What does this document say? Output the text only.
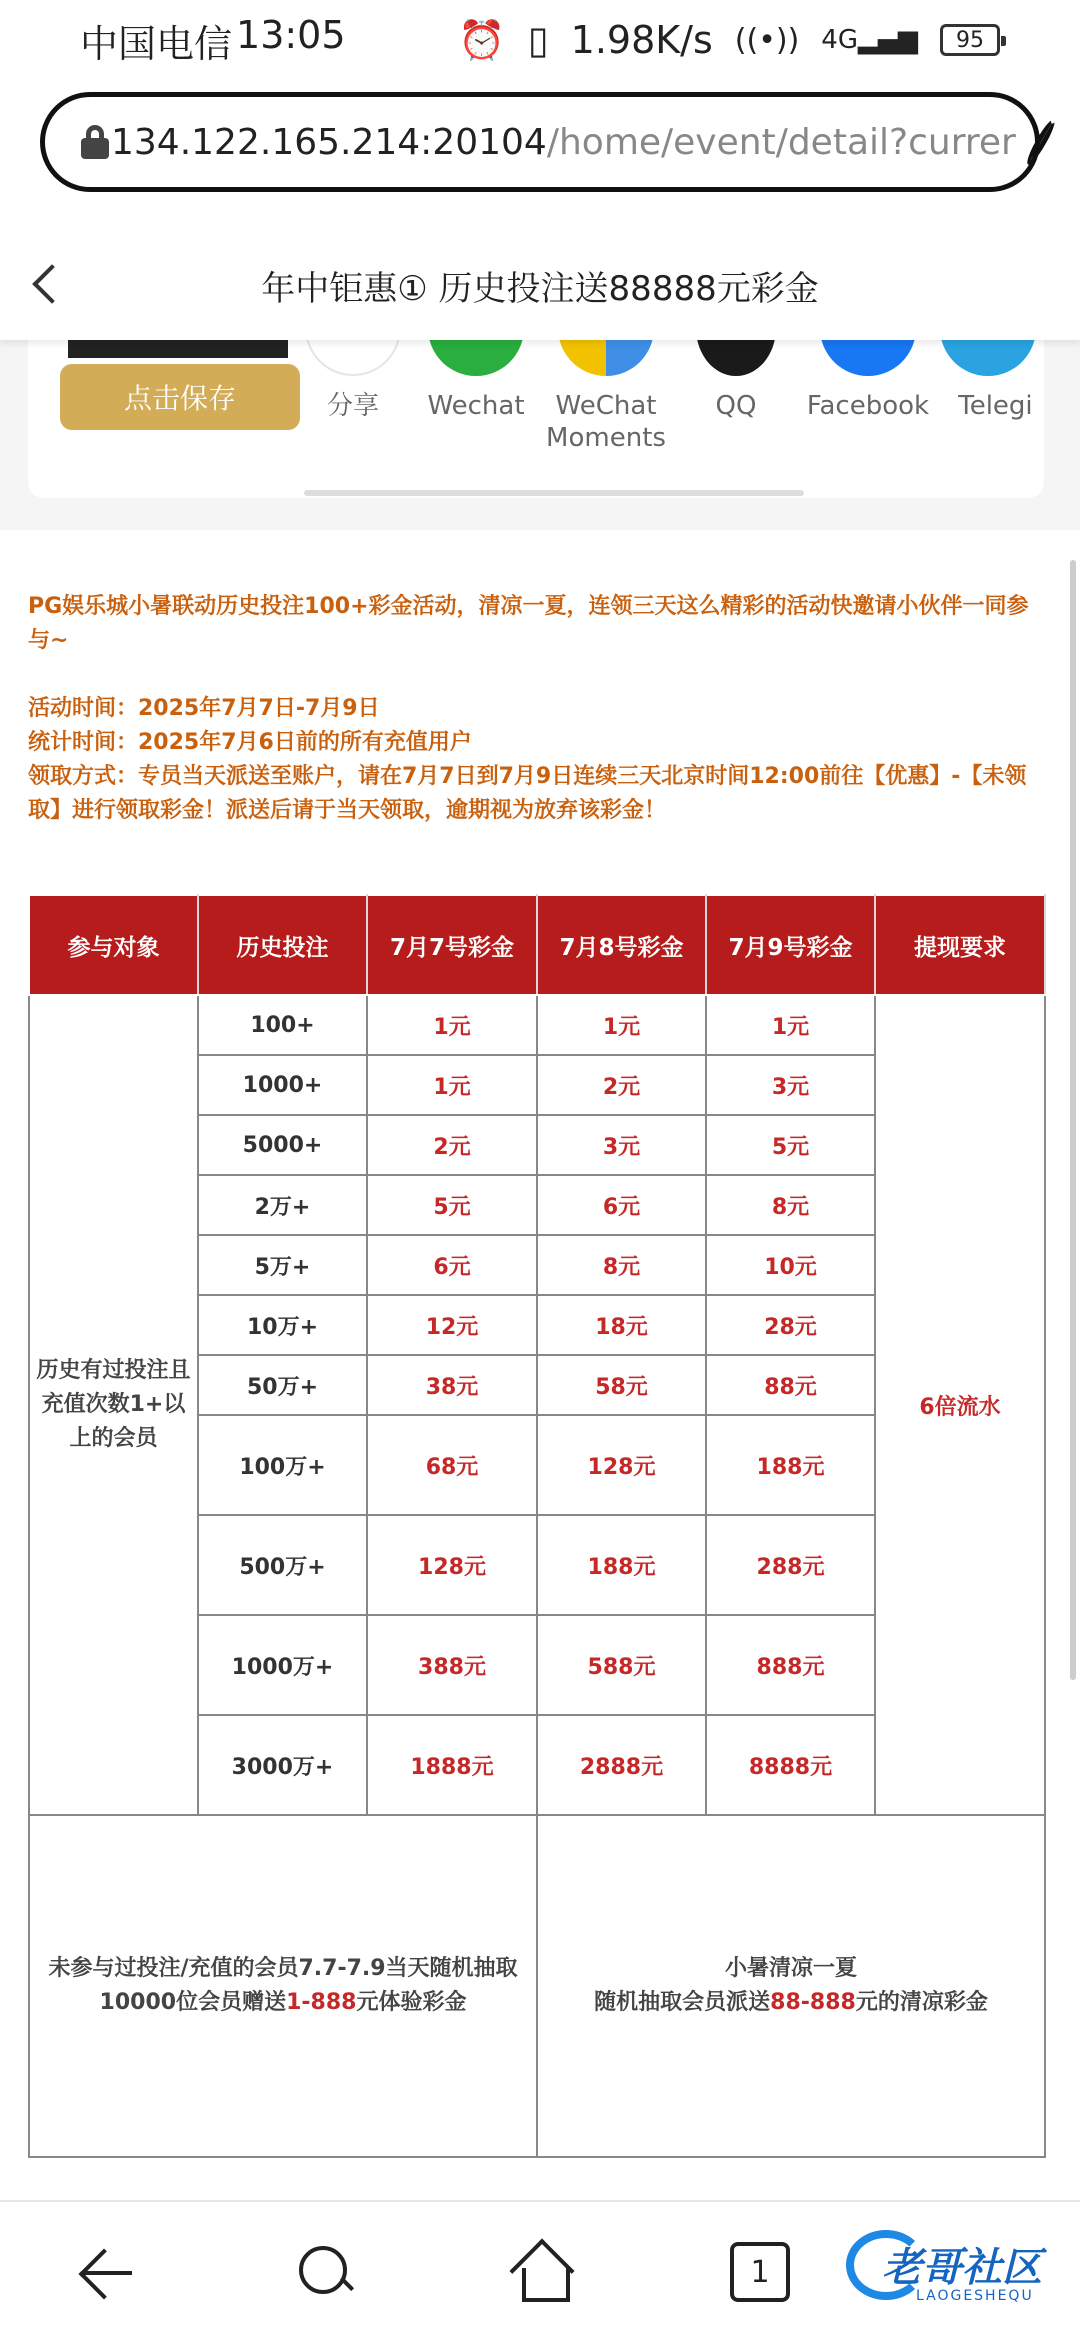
中国电信 13:05	⏰ ▯ 1.98K/s ((•)) 4G▂▄▆ 95
134.122.165.214:20104/home/event/detail?currer
年中钜惠① 历史投注送88888元彩金
点击保存	分享 Wechat	WeChat
Moments
QQ Facebook Telegi

PG娱乐城小暑联动历史投注100+彩金活动，清凉一夏，连领三天这么精彩的活动快邀请小伙伴一同参与~

活动时间：2025年7月7日-7月9日

统计时间：2025年7月6日前的所有充值用户

领取方式：专员当天派送至账户，请在7月7日到7月9日连续三天北京时间12:00前往【优惠】-【未领取】进行领取彩金！派送后请于当天领取，逾期视为放弃该彩金！

参与对象	历史投注	7月7号彩金	7月8号彩金	7月9号彩金	提现要求
历史有过投注且充值次数1+以上的会员	100+	1元	1元	1元	6倍流水
	1000+	1元	2元	3元	
	5000+	2元	3元	5元	
	2万+	5元	6元	8元	
	5万+	6元	8元	10元	
	10万+	12元	18元	28元	
	50万+	38元	58元	88元	
	100万+	68元	128元	188元	
	500万+	128元	188元	288元	
	1000万+	388元	588元	888元	
	3000万+	1888元	2888元	8888元	
未参与过投注/充值的会员7.7-7.9当天随机抽取10000位会员赠送1-888元体验彩金			小暑清凉一夏
随机抽取会员派送88-888元的清凉彩金		
1	老哥社区
LAOGESHEQU
